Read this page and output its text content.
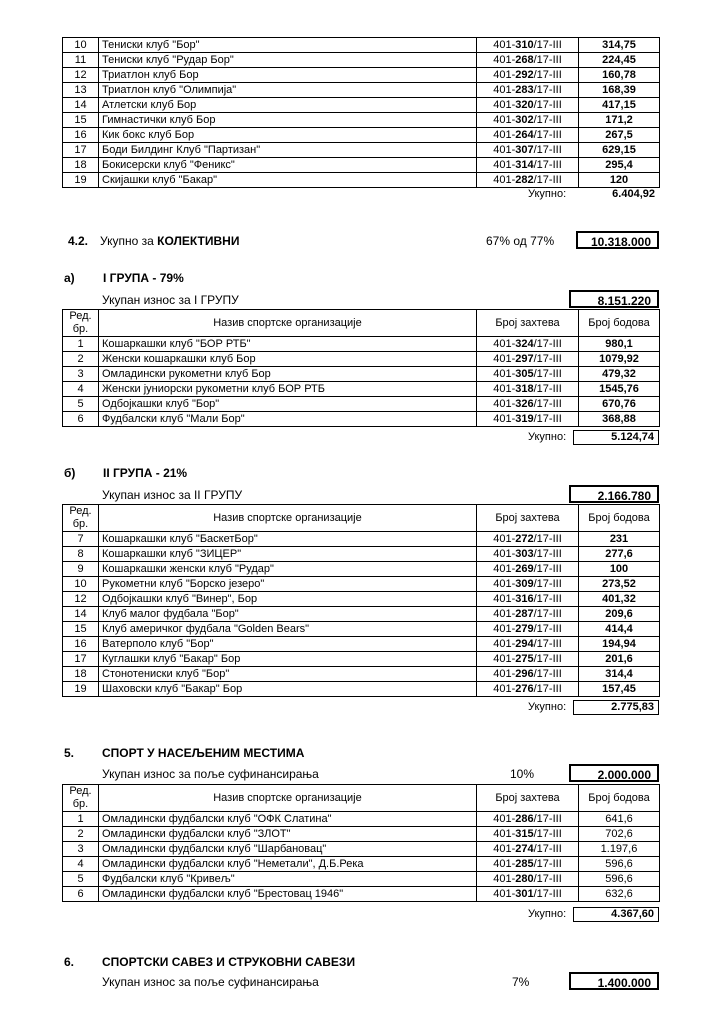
10	Тениски клуб "Бор"	401-310/17-III	314,75
11	Тениски клуб "Рудар Бор"	401-268/17-III	224,45
12	Триатлон клуб Бор	401-292/17-III	160,78
13	Триатлон клуб "Олимпија"	401-283/17-III	168,39
14	Атлетски клуб Бор	401-320/17-III	417,15
15	Гимнастички клуб Бор	401-302/17-III	171,2
16	Кик бокс клуб Бор	401-264/17-III	267,5
17	Боди Билдинг Клуб "Партизан"	401-307/17-III	629,15
18	Бокисерски клуб "Феникс"	401-314/17-III	295,4
19	Скијашки клуб "Бакар"	401-282/17-III	120
Укупно:	6.404,92
4.2. Укупно за КОЛЕКТИВНИ	67% од 77%	10.318.000
а) I ГРУПА - 79%
Укупан износ за I ГРУПУ	8.151.220
Ред.
бр.	Назив спортске организације	Број захтева	Број бодова
1	Кошаркашки клуб "БОР РТБ"	401-324/17-III	980,1
2	Женски кошаркашки клуб Бор	401-297/17-III	1079,92
3	Омладински рукометни клуб Бор	401-305/17-III	479,32
4	Женски јуниорски рукометни клуб БОР РТБ	401-318/17-III	1545,76
5	Одбојкашки клуб "Бор"	401-326/17-III	670,76
6	Фудбалски клуб "Мали Бор"	401-319/17-III	368,88
Укупно:	5.124,74
б) II ГРУПА - 21%
Укупан износ за II ГРУПУ	2.166.780
Ред.
бр.	Назив спортске организације	Број захтева	Број бодова
7	Кошаркашки клуб "БаскетБор"	401-272/17-III	231
8	Кошаркашки клуб "ЗИЦЕР"	401-303/17-III	277,6
9	Кошаркашки женски клуб "Рудар"	401-269/17-III	100
10	Рукометни клуб "Борско језеро"	401-309/17-III	273,52
12	Одбојкашки клуб "Винер", Бор	401-316/17-III	401,32
14	Клуб малог фудбала "Бор"	401-287/17-III	209,6
15	Клуб америчког фудбала "Golden Bears"	401-279/17-III	414,4
16	Ватерполо клуб "Бор"	401-294/17-III	194,94
17	Куглашки клуб "Бакар" Бор	401-275/17-III	201,6
18	Стонотениски клуб "Бор"	401-296/17-III	314,4
19	Шаховски клуб "Бакар" Бор	401-276/17-III	157,45
Укупно:	2.775,83
5. СПОРТ У НАСЕЉЕНИМ МЕСТИМА
Укупан износ за поље суфинансирања	10%	2.000.000
Ред.
бр.	Назив спортске организације	Број захтева	Број бодова
1	Омладински фудбалски клуб "ОФК Слатина"	401-286/17-III	641,6
2	Омладински фудбалски клуб "ЗЛОТ"	401-315/17-III	702,6
3	Омладински фудбалски клуб "Шарбановац"	401-274/17-III	1.197,6
4	Омладински фудбалски клуб "Неметали", Д.Б.Река	401-285/17-III	596,6
5	Фудбалски клуб "Кривељ"	401-280/17-III	596,6
6	Омладински фудбалски клуб "Брестовац 1946"	401-301/17-III	632,6
Укупно:	4.367,60
6. СПОРТСКИ САВЕЗ И СТРУКОВНИ САВЕЗИ
Укупан износ за поље суфинансирања	7%	1.400.000
